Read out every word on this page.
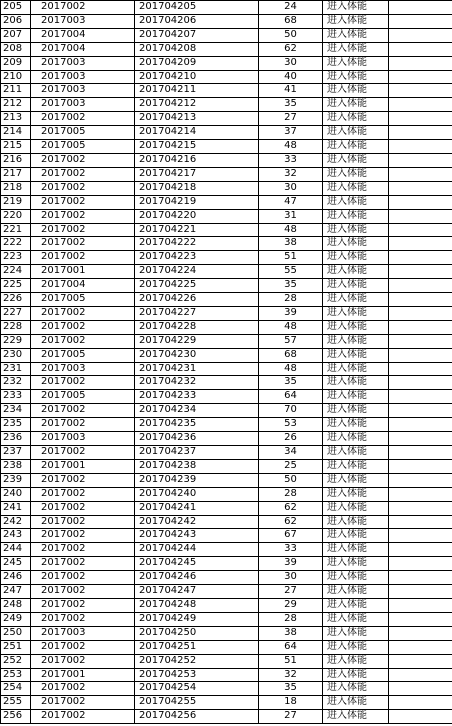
205	2017002	201704205	24	进入体能	
206	2017003	201704206	68	进入体能	
207	2017004	201704207	50	进入体能	
208	2017004	201704208	62	进入体能	
209	2017003	201704209	30	进入体能	
210	2017003	201704210	40	进入体能	
211	2017003	201704211	41	进入体能	
212	2017003	201704212	35	进入体能	
213	2017002	201704213	27	进入体能	
214	2017005	201704214	37	进入体能	
215	2017005	201704215	48	进入体能	
216	2017002	201704216	33	进入体能	
217	2017002	201704217	32	进入体能	
218	2017002	201704218	30	进入体能	
219	2017002	201704219	47	进入体能	
220	2017002	201704220	31	进入体能	
221	2017002	201704221	48	进入体能	
222	2017002	201704222	38	进入体能	
223	2017002	201704223	51	进入体能	
224	2017001	201704224	55	进入体能	
225	2017004	201704225	35	进入体能	
226	2017005	201704226	28	进入体能	
227	2017002	201704227	39	进入体能	
228	2017002	201704228	48	进入体能	
229	2017002	201704229	57	进入体能	
230	2017005	201704230	68	进入体能	
231	2017003	201704231	48	进入体能	
232	2017002	201704232	35	进入体能	
233	2017005	201704233	64	进入体能	
234	2017002	201704234	70	进入体能	
235	2017002	201704235	53	进入体能	
236	2017003	201704236	26	进入体能	
237	2017002	201704237	34	进入体能	
238	2017001	201704238	25	进入体能	
239	2017002	201704239	50	进入体能	
240	2017002	201704240	28	进入体能	
241	2017002	201704241	62	进入体能	
242	2017002	201704242	62	进入体能	
243	2017002	201704243	67	进入体能	
244	2017002	201704244	33	进入体能	
245	2017002	201704245	39	进入体能	
246	2017002	201704246	30	进入体能	
247	2017002	201704247	27	进入体能	
248	2017002	201704248	29	进入体能	
249	2017002	201704249	28	进入体能	
250	2017003	201704250	38	进入体能	
251	2017002	201704251	64	进入体能	
252	2017002	201704252	51	进入体能	
253	2017001	201704253	32	进入体能	
254	2017002	201704254	35	进入体能	
255	2017002	201704255	18	进入体能	
256	2017002	201704256	27	进入体能	
